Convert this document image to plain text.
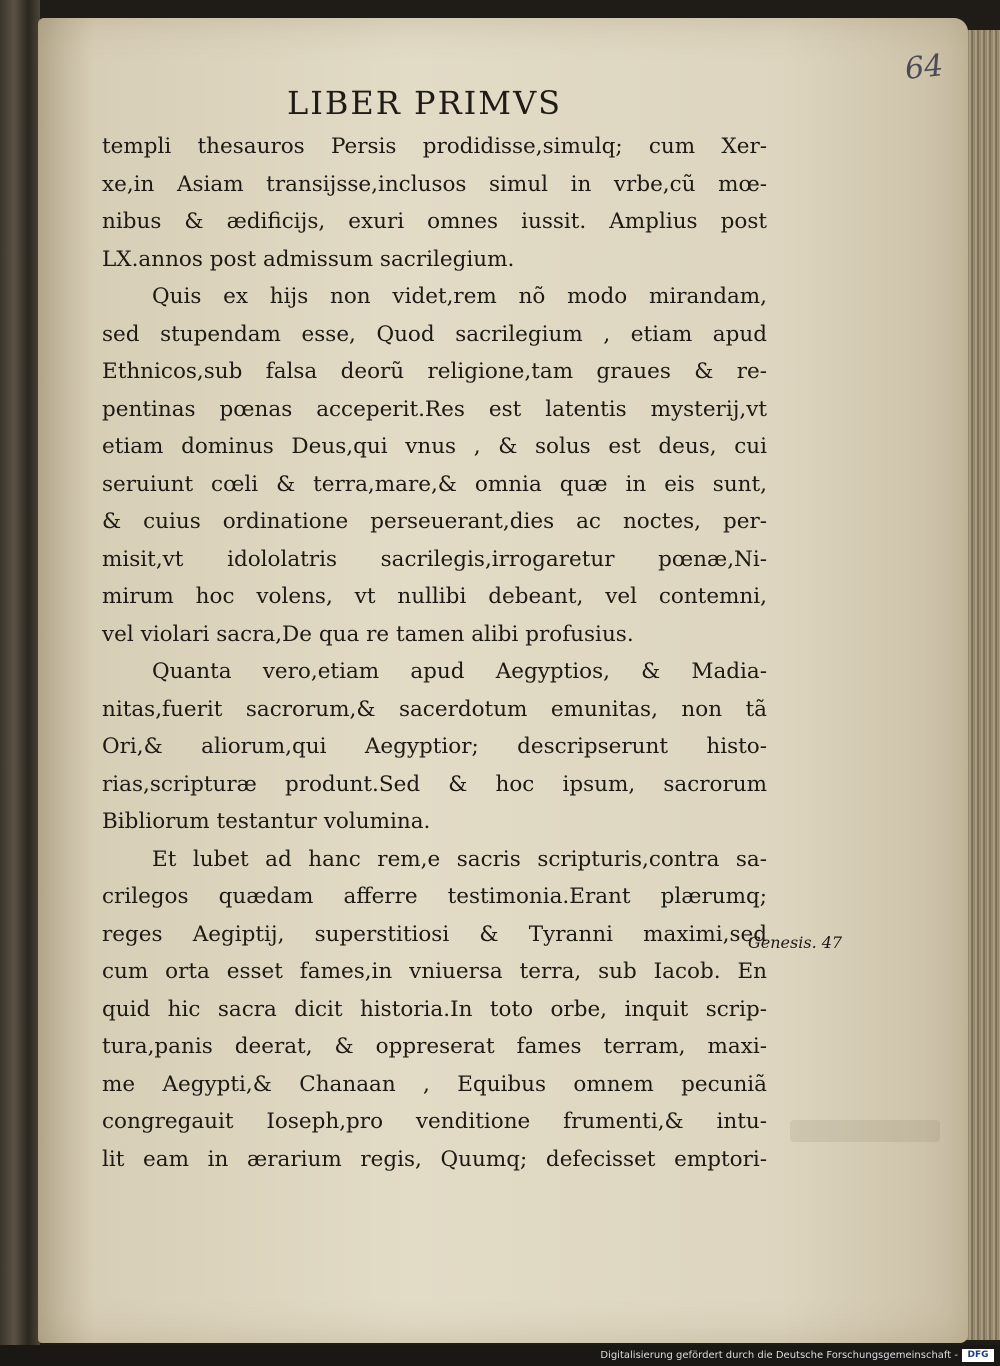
64
LIBER PRIMVS
templi thesauros Persis prodidisse,simulq; cum Xer-
xe,in Asiam transijsse,inclusos simul in vrbe,cũ mœ-
nibus & ædificijs, exuri omnes iussit. Amplius post
LX.annos post admissum sacrilegium.
Quis ex hijs non videt,rem nõ modo mirandam,
sed stupendam esse, Quod sacrilegium , etiam apud
Ethnicos,sub falsa deorũ religione,tam graues & re-
pentinas pœnas acceperit.Res est latentis mysterij,vt
etiam dominus Deus,qui vnus , & solus est deus, cui
seruiunt cœli & terra,mare,& omnia quæ in eis sunt,
& cuius ordinatione perseuerant,dies ac noctes, per-
misit,vt idololatris sacrilegis,irrogaretur pœnæ,Ni-
mirum hoc volens, vt nullibi debeant, vel contemni,
vel violari sacra,De qua re tamen alibi profusius.
Quanta vero,etiam apud Aegyptios, & Madia-
nitas,fuerit sacrorum,& sacerdotum emunitas, non tã
Ori,& aliorum,qui Aegyptior; descripserunt histo-
rias,scripturæ produnt.Sed & hoc ipsum, sacrorum
Bibliorum testantur volumina.
Et lubet ad hanc rem,e sacris scripturis,contra sa-
crilegos quædam afferre testimonia.Erant plærumq;
reges Aegiptij, superstitiosi & Tyranni maximi,sed
cum orta esset fames,in vniuersa terra, sub Iacob. En
quid hic sacra dicit historia.In toto orbe, inquit scrip-
tura,panis deerat, & oppreserat fames terram, maxi-
me Aegypti,& Chanaan , Equibus omnem pecuniã
congregauit Ioseph,pro venditione frumenti,& intu-
lit eam in ærarium regis, Quumq; defecisset emptori-
Genesis. 47
Digitalisierung gefördert durch die Deutsche Forschungsgemeinschaft -	DFG
